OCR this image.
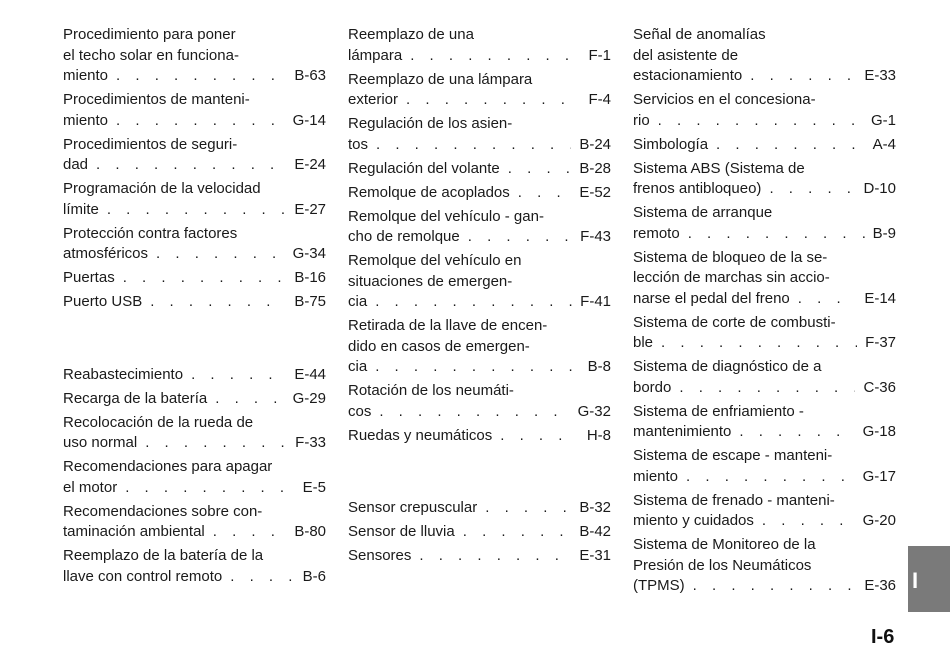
Procedimiento para poner
el techo solar en funciona-
miento . . .	B-63
Procedimientos de manteni-
miento . . .	G-14
Procedimientos de seguri-
dad . . .	E-24
Programación de la velocidad
límite . . .	E-27
Protección contra factores
atmosféricos . . .	G-34
Puertas . . .	B-16
Puerto USB . . .	B-75
Reabastecimiento . . .	E-44
Recarga de la batería . . .	G-29
Recolocación de la rueda de
uso normal . . .	F-33
Recomendaciones para apagar
el motor . . .	E-5
Recomendaciones sobre con-
taminación ambiental . . .	B-80
Reemplazo de la batería de la
llave con control remoto . . .	B-6
Reemplazo de una
lámpara . . .	F-1
Reemplazo de una lámpara
exterior . . .	F-4
Regulación de los asien-
tos . . .	B-24
Regulación del volante . . .	B-28
Remolque de acoplados . . .	E-52
Remolque del vehículo - gan-
cho de remolque . . .	F-43
Remolque del vehículo en
situaciones de emergen-
cia . . .	F-41
Retirada de la llave de encen-
dido en casos de emergen-
cia . . .	B-8
Rotación de los neumáti-
cos . . .	G-32
Ruedas y neumáticos . . .	H-8
Sensor crepuscular . . .	B-32
Sensor de lluvia . . .	B-42
Sensores . . .	E-31
Señal de anomalías
del asistente de
estacionamiento . . .	E-33
Servicios en el concesiona-
rio . . .	G-1
Simbología . . .	A-4
Sistema ABS (Sistema de
frenos antibloqueo) . . .	D-10
Sistema de arranque
remoto . . .	B-9
Sistema de bloqueo de la se-
lección de marchas sin accio-
narse el pedal del freno . . .	E-14
Sistema de corte de combusti-
ble . . .	F-37
Sistema de diagnóstico de a
bordo . . .	C-36
Sistema de enfriamiento -
mantenimiento . . .	G-18
Sistema de escape - manteni-
miento . . .	G-17
Sistema de frenado - manteni-
miento y cuidados . . .	G-20
Sistema de Monitoreo de la
Presión de los Neumáticos
(TPMS) . . .	E-36 I
I-6
